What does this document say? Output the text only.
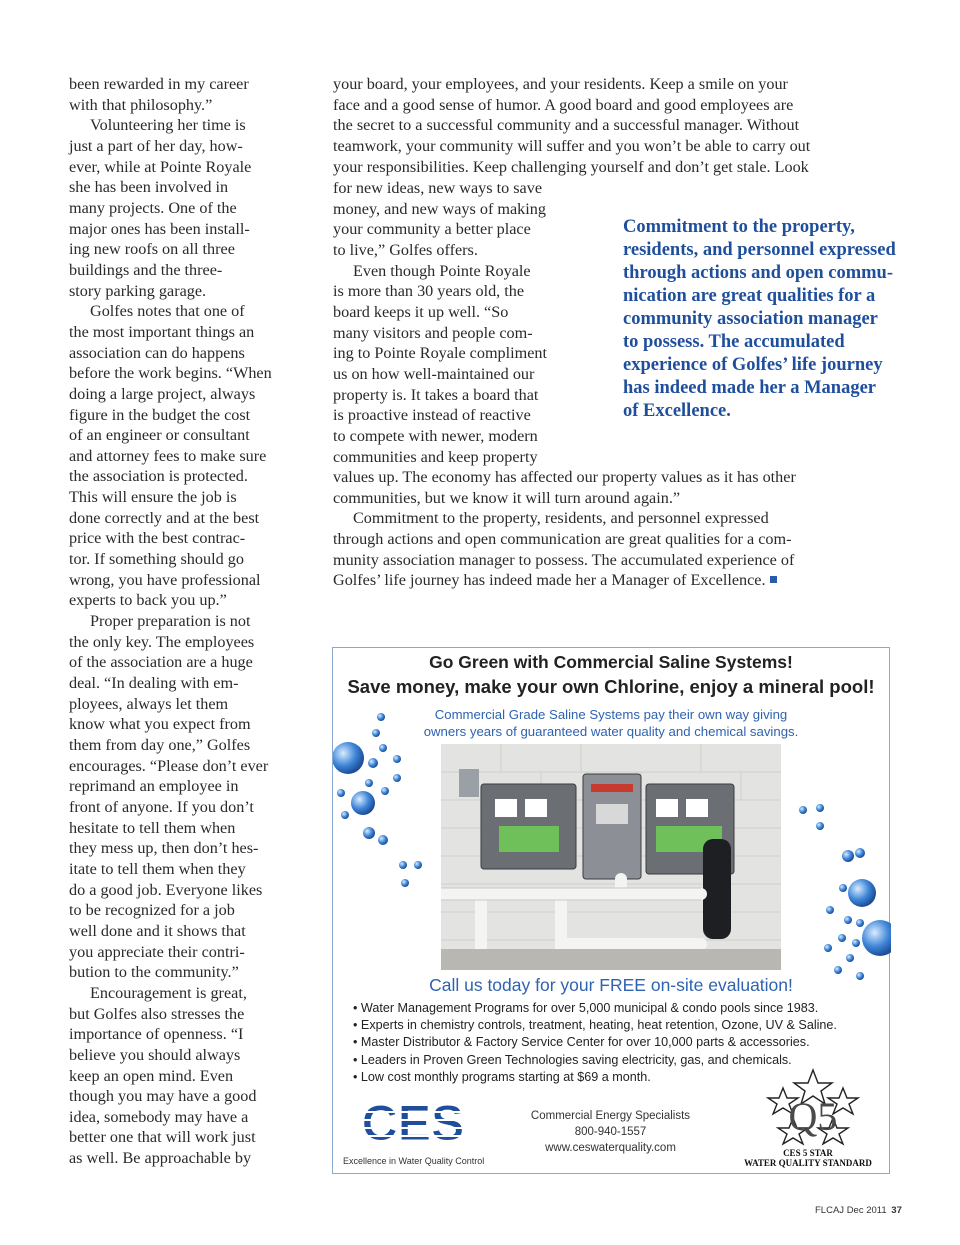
been rewarded in my career
with that philosophy.”

Volunteering her time is
just a part of her day, how-
ever, while at Pointe Royale
she has been involved in
many projects. One of the
major ones has been install-
ing new roofs on all three
buildings and the three-
story parking garage.

Golfes notes that one of
the most important things an
association can do happens
before the work begins. “When
doing a large project, always
figure in the budget the cost
of an engineer or consultant
and attorney fees to make sure
the association is protected.
This will ensure the job is
done correctly and at the best
price with the best contrac-
tor. If something should go
wrong, you have professional
experts to back you up.”

Proper preparation is not
the only key. The employees
of the association are a huge
deal. “In dealing with em-
ployees, always let them
know what you expect from
them from day one,” Golfes
encourages. “Please don’t ever
reprimand an employee in
front of anyone. If you don’t
hesitate to tell them when
they mess up, then don’t hes-
itate to tell them when they
do a good job. Everyone likes
to be recognized for a job
well done and it shows that
you appreciate their contri-
bution to the community.”

Encouragement is great,
but Golfes also stresses the
importance of openness. “I
believe you should always
keep an open mind. Even
though you may have a good
idea, somebody may have a
better one that will work just
as well. Be approachable by

your board, your employees, and your residents. Keep a smile on your
face and a good sense of humor. A good board and good employees are
the secret to a successful community and a successful manager. Without
teamwork, your community will suffer and you won’t be able to carry out
your responsibilities. Keep challenging yourself and don’t get stale. Look
for new ideas, new ways to save
money, and new ways of making
your community a better place
to live,” Golfes offers.
Even though Pointe Royale
is more than 30 years old, the
board keeps it up well. “So
many visitors and people com-
ing to Pointe Royale compliment
us on how well-maintained our
property is. It takes a board that
is proactive instead of reactive
to compete with newer, modern
communities and keep property
values up. The economy has affected our property values as it has other
communities, but we know it will turn around again.”
Commitment to the property, residents, and personnel expressed
through actions and open communication are great qualities for a com-
munity association manager to possess. The accumulated experience of
Golfes’ life journey has indeed made her a Manager of Excellence.
Commitment to the property,
residents, and personnel expressed
through actions and open commu-
nication are great qualities for a
community association manager
to possess. The accumulated
experience of Golfes’ life journey
has indeed made her a Manager
of Excellence.
Go Green with Commercial Saline Systems!
Save money, make your own Chlorine, enjoy a mineral pool!
Commercial Grade Saline Systems pay their own way giving
owners years of guaranteed water quality and chemical savings.
Call us today for your FREE on-site evaluation!
• Water Management Programs for over 5,000 municipal & condo pools since 1983.
• Experts in chemistry controls, treatment, heating, heat retention, Ozone, UV & Saline.
• Master Distributor & Factory Service Center for over 10,000 parts & accessories.
• Leaders in Proven Green Technologies saving electricity, gas, and chemicals.
• Low cost monthly programs starting at $69 a month.
CES
Excellence in Water Quality Control
Commercial Energy Specialists
800-940-1557
www.ceswaterquality.com
Q5
CES 5 STAR
WATER QUALITY STANDARD
FLCAJ Dec 2011 37
